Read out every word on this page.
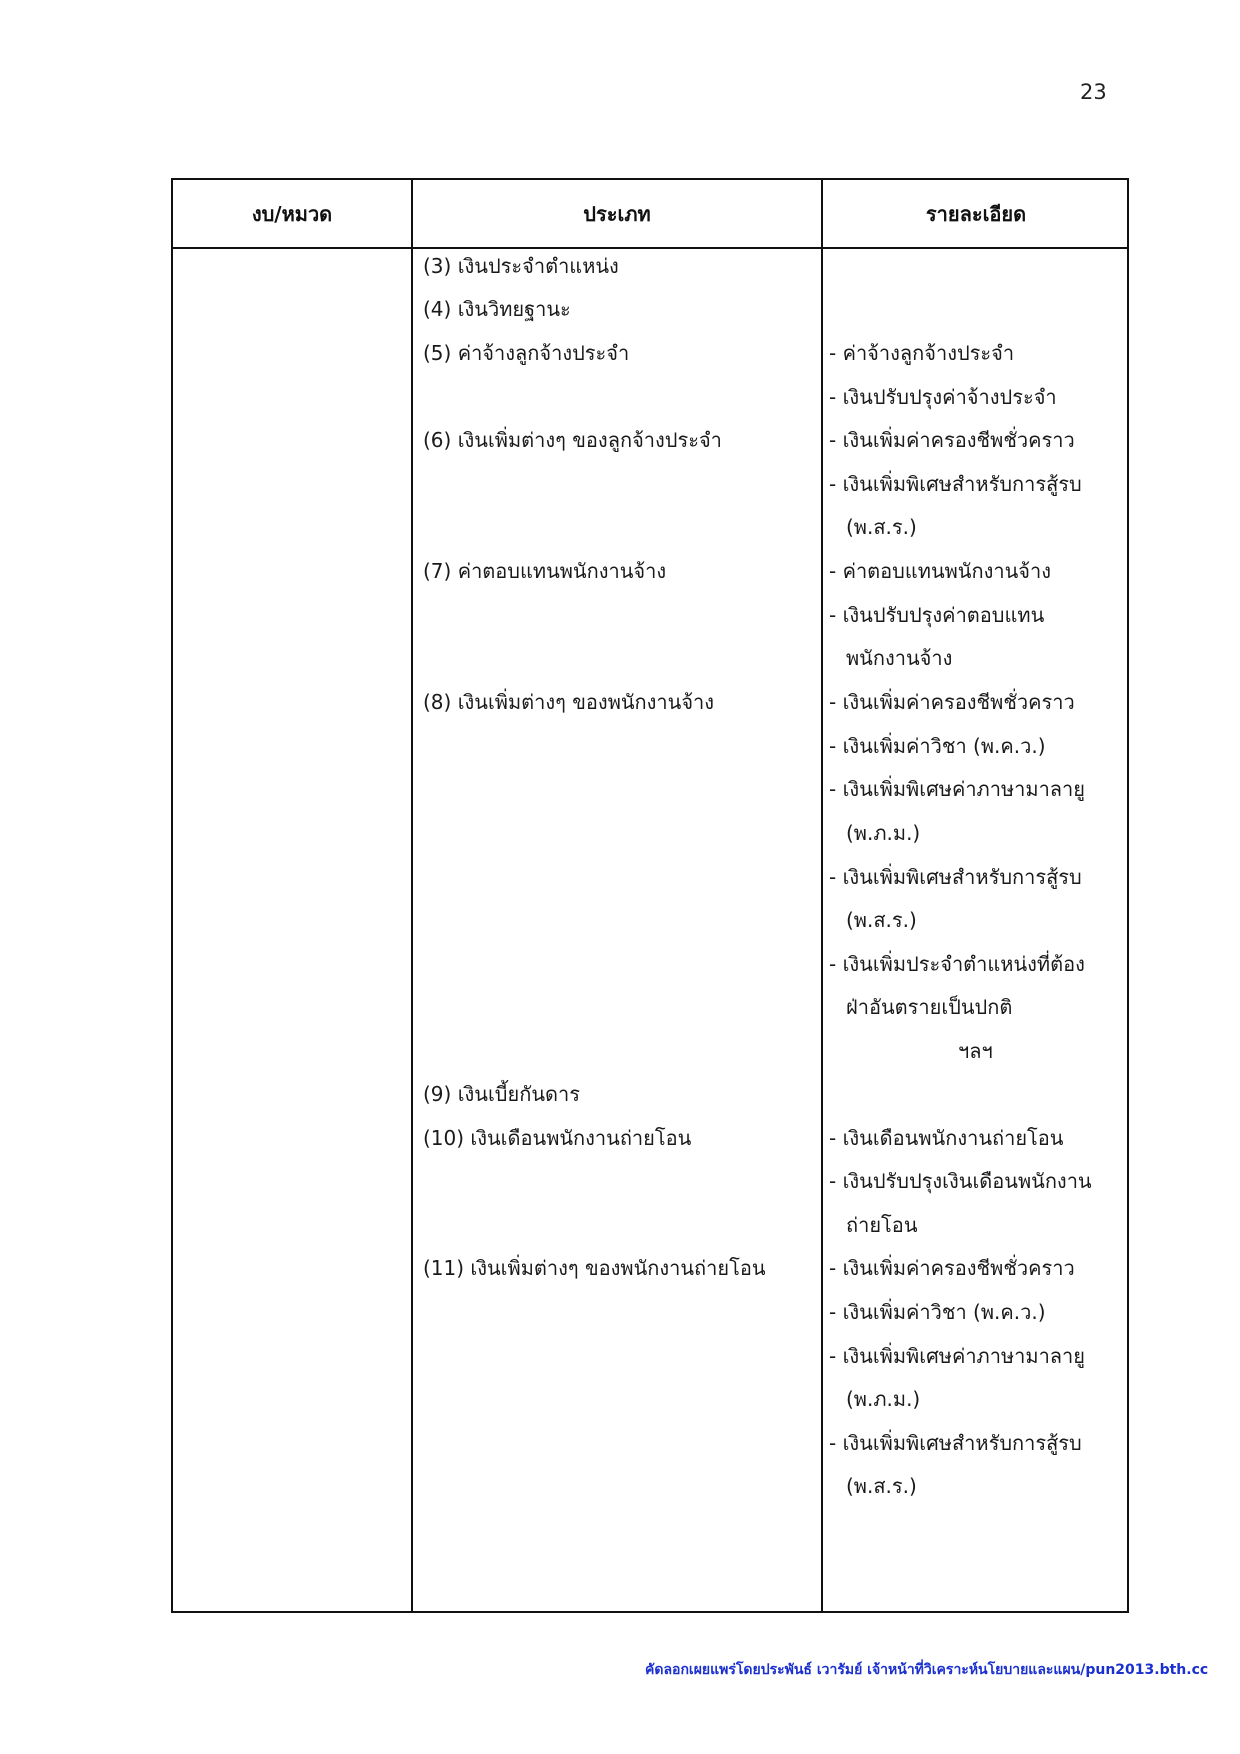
23
งบ/หมวด	ประเภท	รายละเอียด
(3) เงินประจำตำแหน่ง
(4) เงินวิทยฐานะ
(5) ค่าจ้างลูกจ้างประจำ
(6) เงินเพิ่มต่างๆ ของลูกจ้างประจำ
(7) ค่าตอบแทนพนักงานจ้าง
(8) เงินเพิ่มต่างๆ ของพนักงานจ้าง
(9) เงินเบี้ยกันดาร
(10) เงินเดือนพนักงานถ่ายโอน
(11) เงินเพิ่มต่างๆ ของพนักงานถ่ายโอน
- ค่าจ้างลูกจ้างประจำ
- เงินปรับปรุงค่าจ้างประจำ
- เงินเพิ่มค่าครองชีพชั่วคราว
- เงินเพิ่มพิเศษสำหรับการสู้รบ
(พ.ส.ร.)
- ค่าตอบแทนพนักงานจ้าง
- เงินปรับปรุงค่าตอบแทน
พนักงานจ้าง
- เงินเพิ่มค่าครองชีพชั่วคราว
- เงินเพิ่มค่าวิชา (พ.ค.ว.)
- เงินเพิ่มพิเศษค่าภาษามาลายู
(พ.ภ.ม.)
- เงินเพิ่มพิเศษสำหรับการสู้รบ
(พ.ส.ร.)
- เงินเพิ่มประจำตำแหน่งที่ต้อง
ฝ่าอันตรายเป็นปกติ
ฯลฯ
- เงินเดือนพนักงานถ่ายโอน
- เงินปรับปรุงเงินเดือนพนักงาน
ถ่ายโอน
- เงินเพิ่มค่าครองชีพชั่วคราว
- เงินเพิ่มค่าวิชา (พ.ค.ว.)
- เงินเพิ่มพิเศษค่าภาษามาลายู
(พ.ภ.ม.)
- เงินเพิ่มพิเศษสำหรับการสู้รบ
(พ.ส.ร.)
คัดลอกเผยแพร่โดยประพันธ์ เวารัมย์ เจ้าหน้าที่วิเคราะห์นโยบายและแผน/pun2013.bth.cc
